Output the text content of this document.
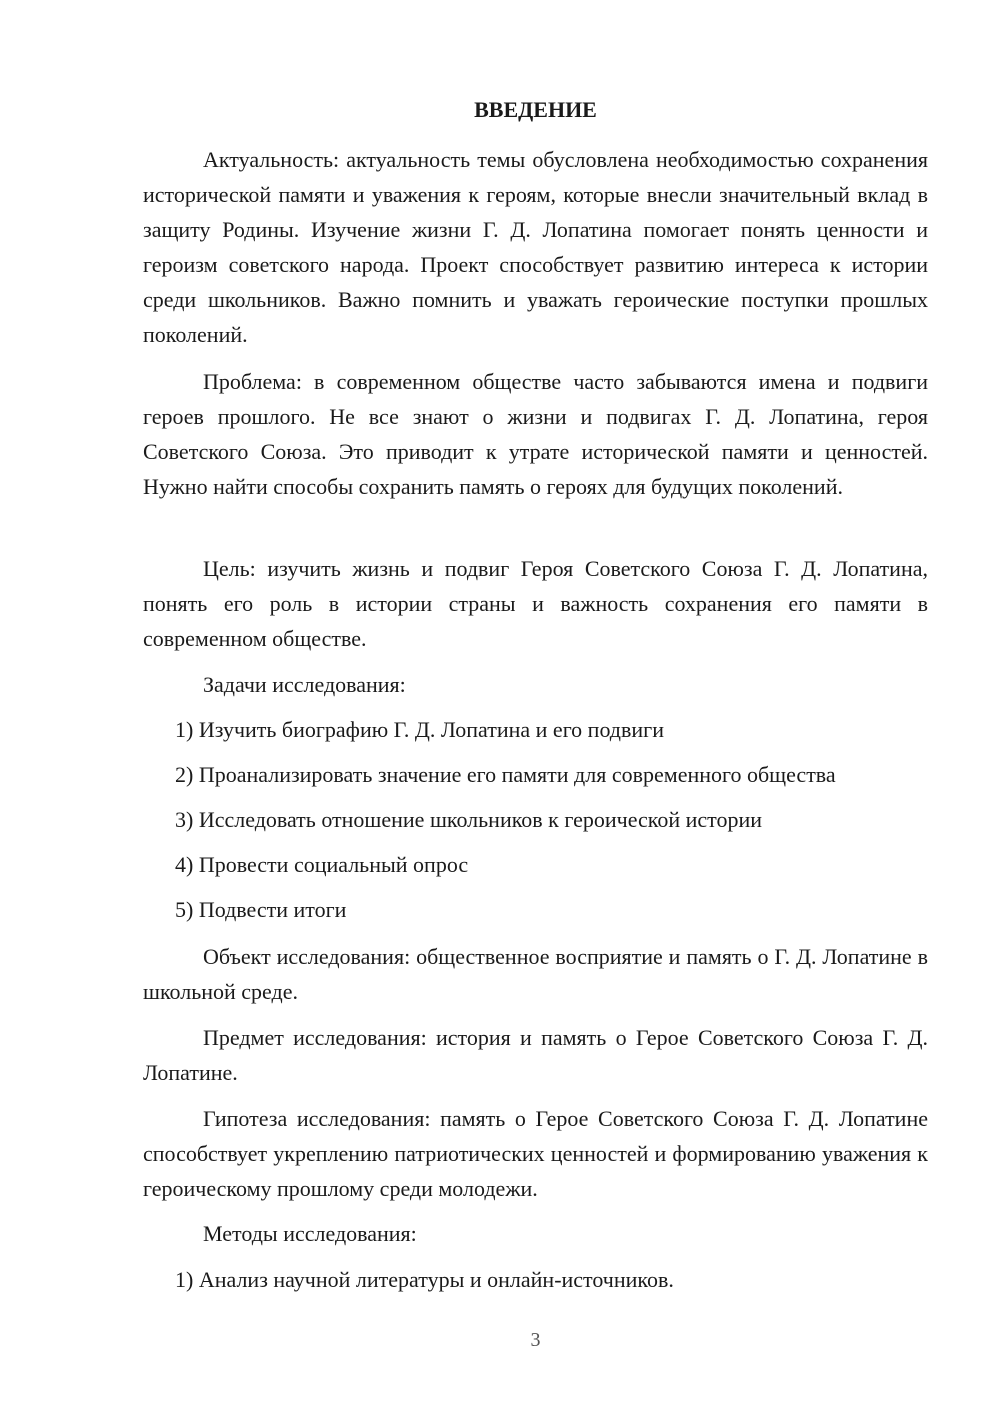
ВВЕДЕНИЕ

Актуальность: актуальность темы обусловлена необходимостью сохранения исторической памяти и уважения к героям, которые внесли значительный вклад в защиту Родины. Изучение жизни Г. Д. Лопатина помогает понять ценности и героизм советского народа. Проект способствует развитию интереса к истории среди школьников. Важно помнить и уважать героические поступки прошлых поколений.

Проблема: в современном обществе часто забываются имена и подвиги героев прошлого. Не все знают о жизни и подвигах Г. Д. Лопатина, героя Советского Союза. Это приводит к утрате исторической памяти и ценностей. Нужно найти способы сохранить память о героях для будущих поколений.

Цель: изучить жизнь и подвиг Героя Советского Союза Г. Д. Лопатина, понять его роль в истории страны и важность сохранения его памяти в современном обществе.

Задачи исследования:

1) Изучить биографию Г. Д. Лопатина и его подвиги

2) Проанализировать значение его памяти для современного общества

3) Исследовать отношение школьников к героической истории

4) Провести социальный опрос

5) Подвести итоги

Объект исследования: общественное восприятие и память о Г. Д. Лопатине в школьной среде.

Предмет исследования: история и память о Герое Советского Союза Г. Д. Лопатине.

Гипотеза исследования: память о Герое Советского Союза Г. Д. Лопатине способствует укреплению патриотических ценностей и формированию уважения к героическому прошлому среди молодежи.

Методы исследования:

1) Анализ научной литературы и онлайн-источников.

3
